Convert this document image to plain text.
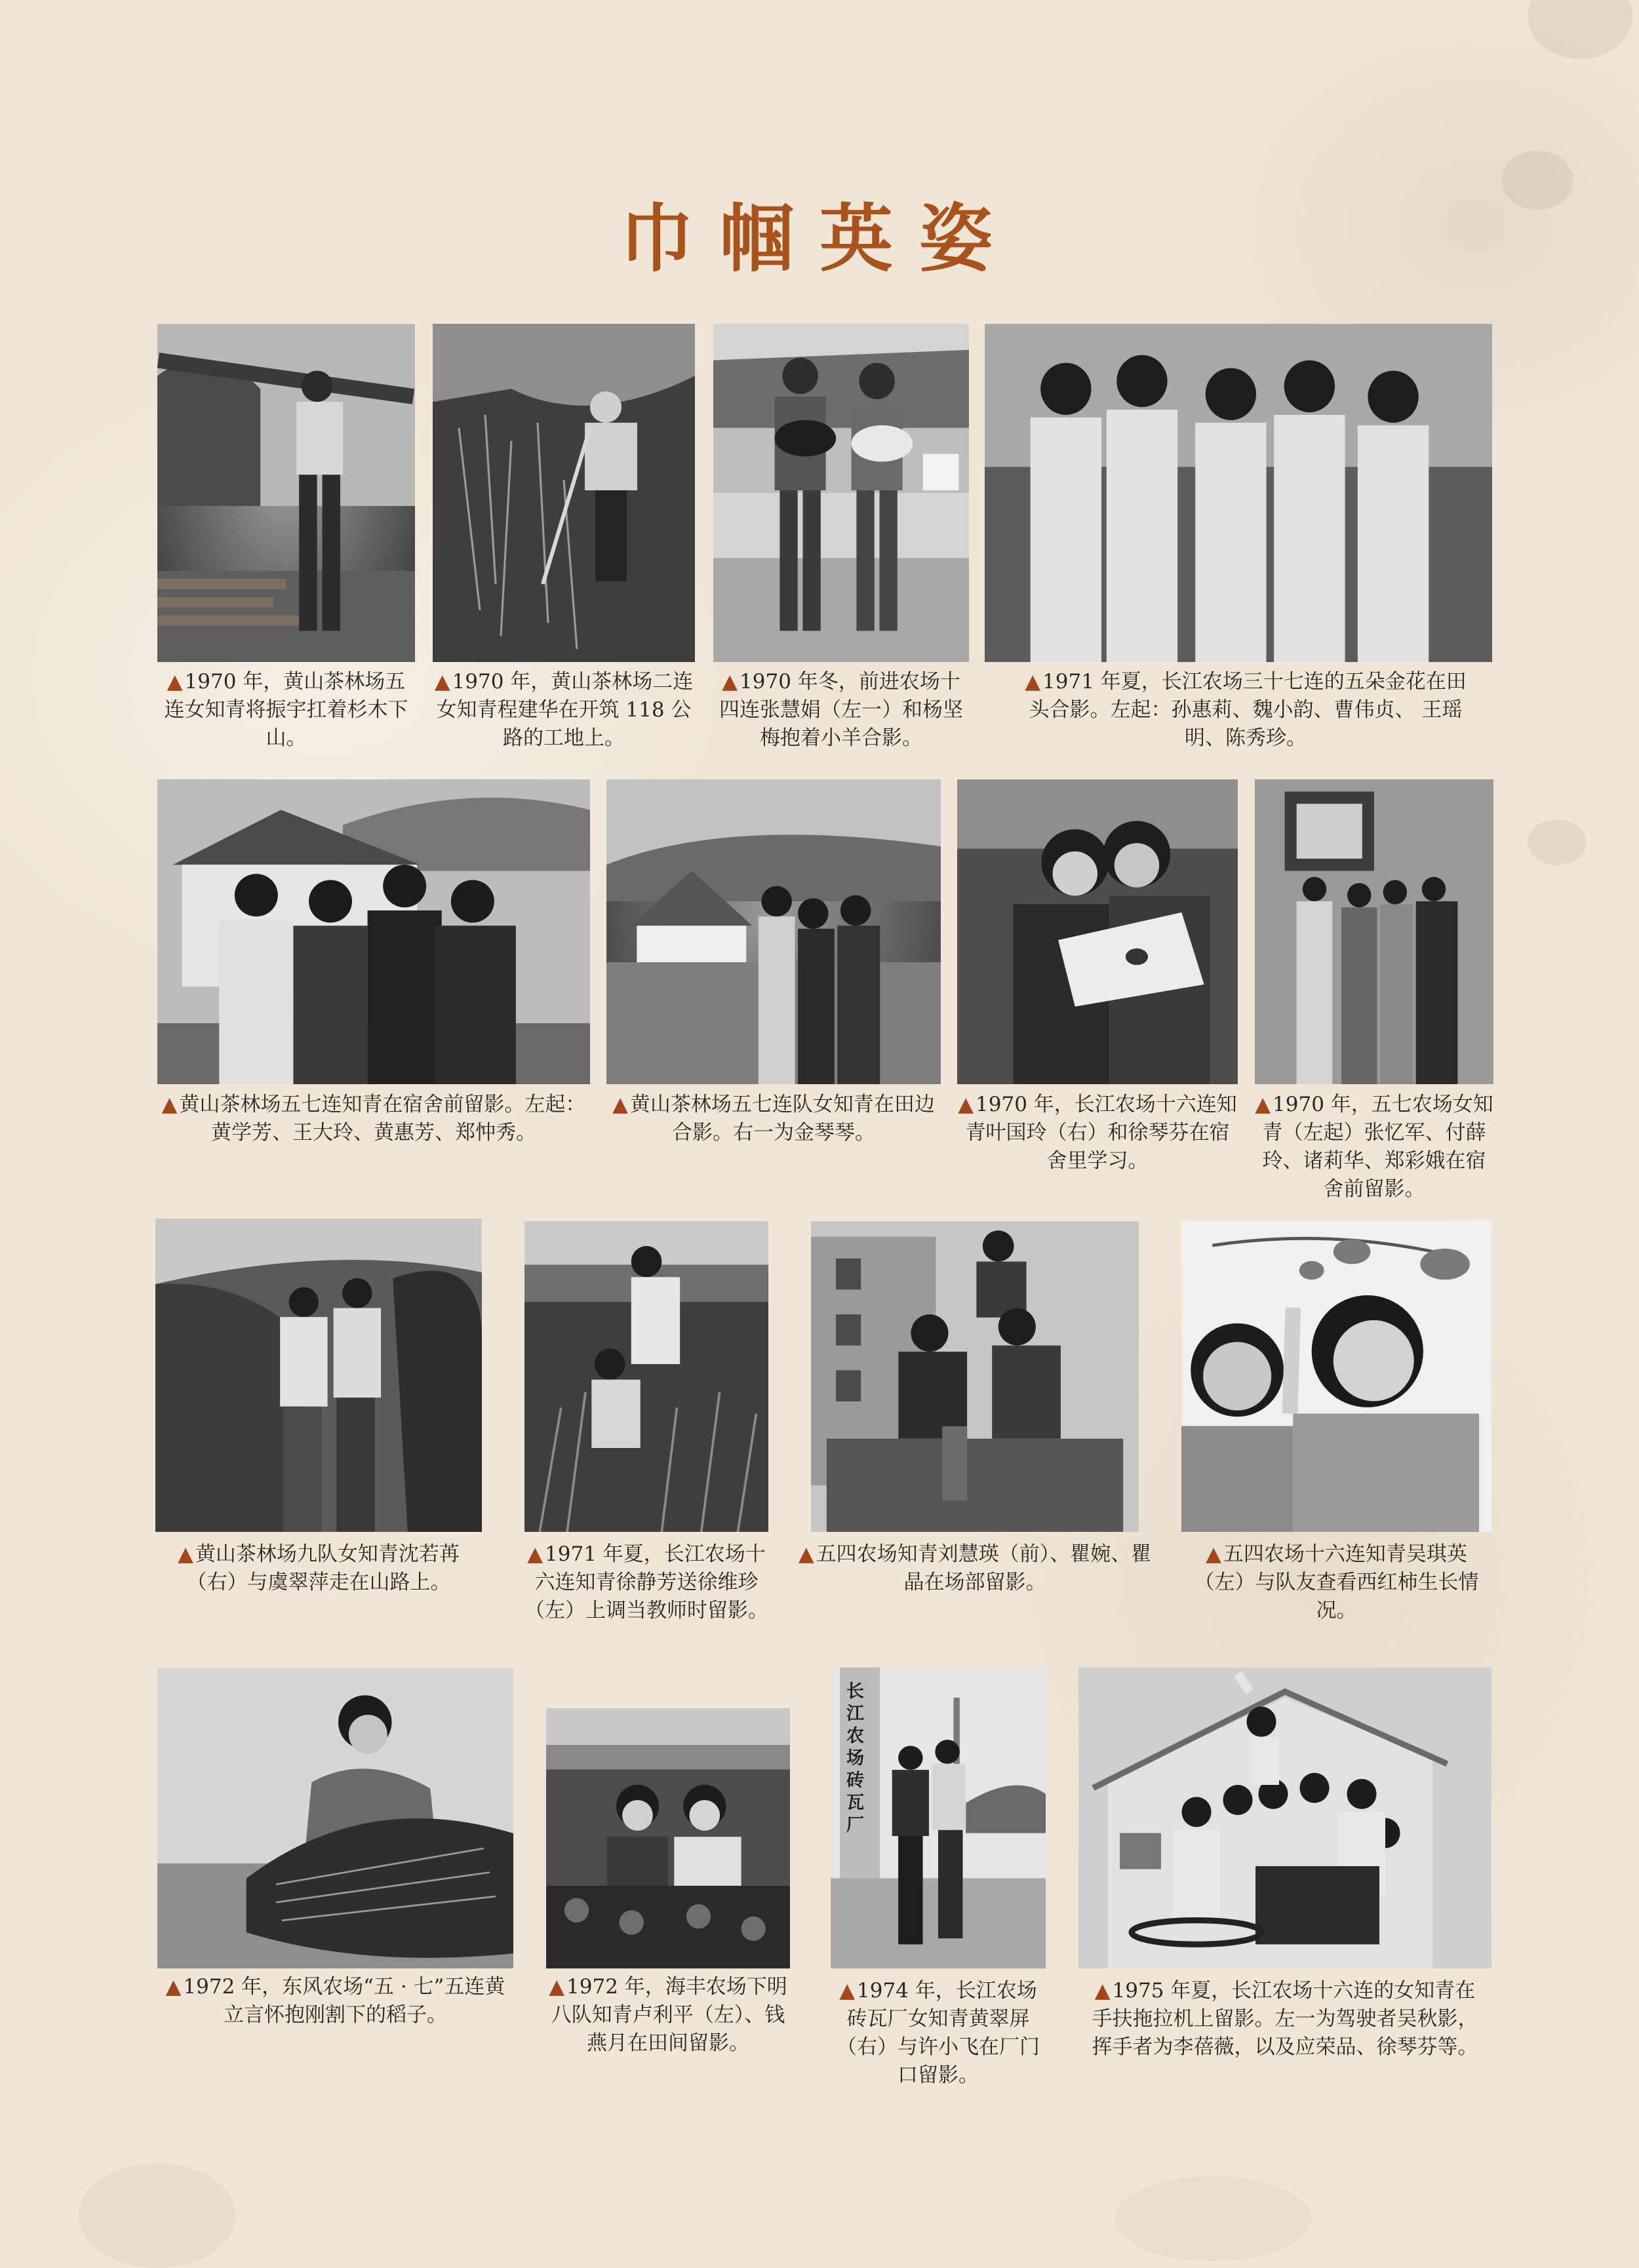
巾帼英姿
▲1970 年，黄山茶林场五连女知青将振宇扛着杉木下山。
▲1970 年，黄山茶林场二连女知青程建华在开筑 118 公路的工地上。
▲1970 年冬，前进农场十四连张慧娟（左一）和杨坚梅抱着小羊合影。
▲1971 年夏，长江农场三十七连的五朵金花在田头合影。左起：孙惠莉、魏小韵、曹伟贞、 王瑶明、陈秀珍。
▲黄山茶林场五七连知青在宿舍前留影。左起：黄学芳、王大玲、黄惠芳、郑忡秀。
▲黄山茶林场五七连队女知青在田边合影。右一为金琴琴。
▲1970 年，长江农场十六连知青叶国玲（右）和徐琴芬在宿舍里学习。
▲1970 年，五七农场女知青（左起）张忆军、付薛玲、诸莉华、郑彩娥在宿舍前留影。
▲黄山茶林场九队女知青沈若苒（右）与虞翠萍走在山路上。
▲1971 年夏，长江农场十六连知青徐静芳送徐维珍（左）上调当教师时留影。
▲五四农场知青刘慧瑛（前）、瞿婉、瞿晶在场部留影。
▲五四农场十六连知青吴琪英（左）与队友查看西红柿生长情况。
长江农场砖瓦厂
▲1972 年，东风农场“五 · 七”五连黄立言怀抱刚割下的稻子。
▲1972 年，海丰农场下明八队知青卢利平（左）、钱燕月在田间留影。
▲1974 年，长江农场砖瓦厂女知青黄翠屏（右）与许小飞在厂门口留影。
▲1975 年夏，长江农场十六连的女知青在手扶拖拉机上留影。左一为驾驶者吴秋影，挥手者为李蓓薇，以及应荣品、徐琴芬等。
